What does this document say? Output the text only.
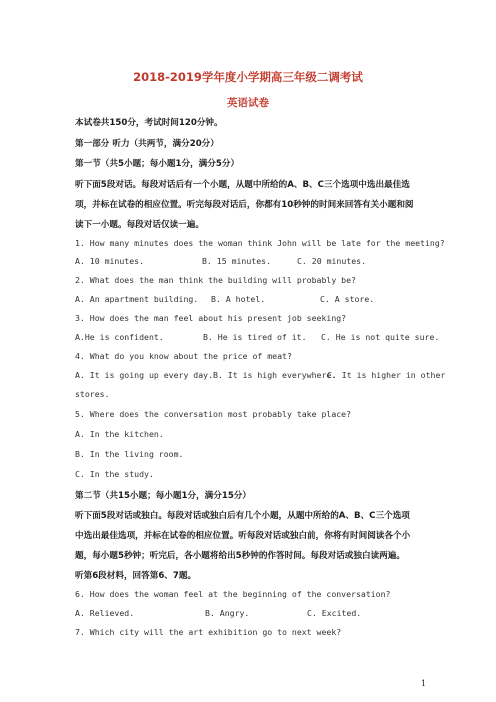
2018-2019学年度小学期高三年级二调考试
英语试卷
本试卷共150分，考试时间120分钟。
第一部分 听力（共两节，满分20分）
第一节（共5小题；每小题1分，满分5分）
听下面5段对话。每段对话后有一个小题，从题中所给的A、B、C三个选项中选出最佳选
项，并标在试卷的相应位置。听完每段对话后，你都有10秒钟的时间来回答有关小题和阅
读下一小题。每段对话仅读一遍。
1. How many minutes does the woman think John will be late for the meeting?
A. 10 minutes.	B. 15 minutes.	C. 20 minutes.
2. What does the man think the building will probably be?
A. An apartment building. B. A hotel.	C. A store.
3. How does the man feel about his present job seeking?
A.He is confident.	B. He is tired of it. C. He is not quite sure.
4. What do you know about the price of meat?
A. It is going up every day. B. It is high everywhere.
C. It is higher in other
stores.
5. Where does the conversation most probably take place?
A. In the kitchen.
B. In the living room.
C. In the study.
第二节（共15小题；每小题1分，满分15分）
听下面5段对话或独白。每段对话或独白后有几个小题，从题中所给的A、B、C三个选项
中选出最佳选项，并标在试卷的相应位置。听每段对话或独白前，你将有时间阅读各个小
题，每小题5秒钟；听完后，各小题将给出5秒钟的作答时间。每段对话或独白读两遍。
听第6段材料，回答第6、7题。
6. How does the woman feel at the beginning of the conversation?
A. Relieved.	B. Angry.	C. Excited.
7. Which city will the art exhibition go to next week?
1
